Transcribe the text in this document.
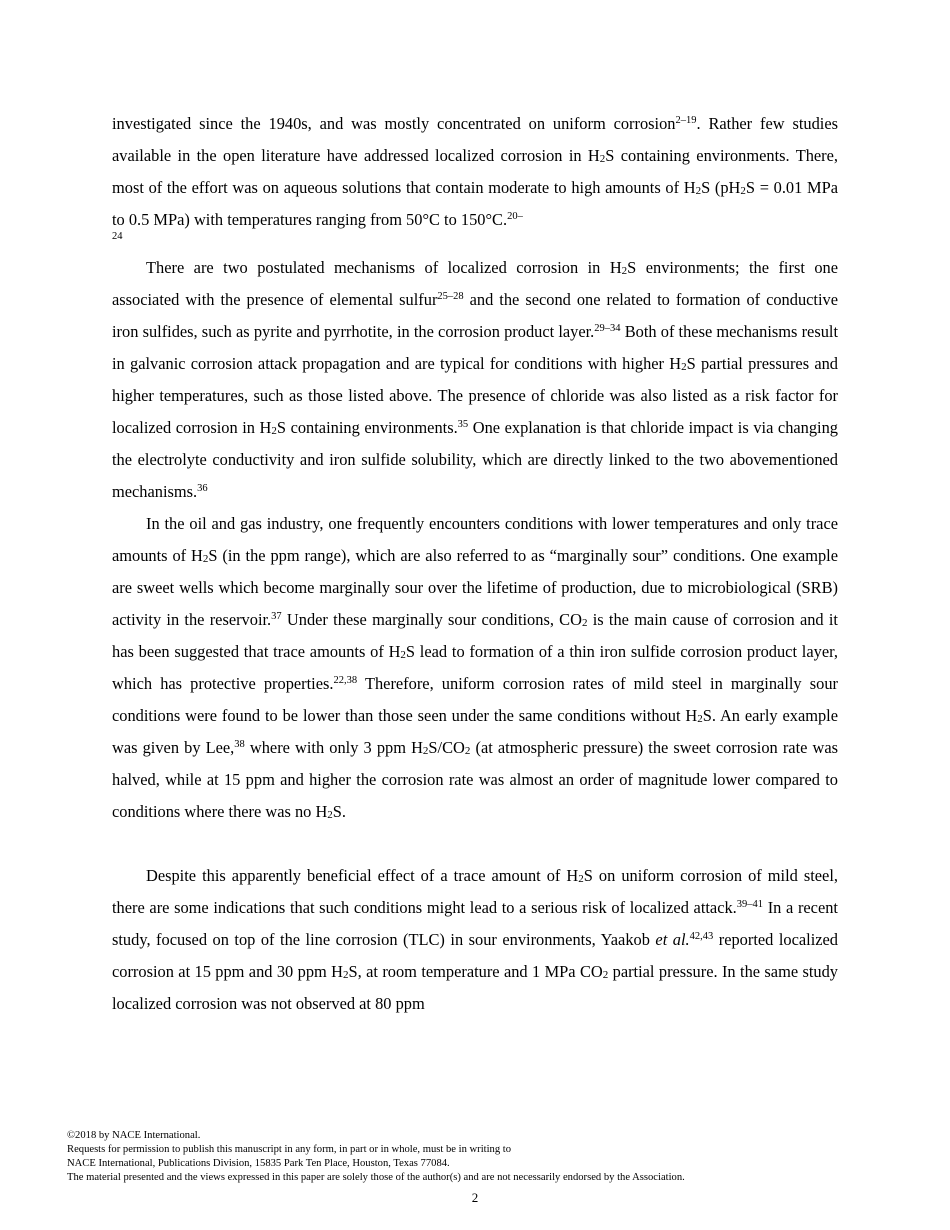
investigated since the 1940s, and was mostly concentrated on uniform corrosion$^{2-19}$. Rather few studies available in the open literature have addressed localized corrosion in $H_2S$ containing environments. There, most of the effort was on aqueous solutions that contain moderate to high amounts of $H_2S$ ($pH_2S = 0.01$ MPa to 0.5 MPa) with temperatures ranging from 50°C to 150°C.$^{20-}$
24

There are two postulated mechanisms of localized corrosion in $H_2S$ environments; the first one associated with the presence of elemental sulfur$^{25-28}$ and the second one related to formation of conductive iron sulfides, such as pyrite and pyrrhotite, in the corrosion product layer.$^{29-34}$ Both of these mechanisms result in galvanic corrosion attack propagation and are typical for conditions with higher $H_2S$ partial pressures and higher temperatures, such as those listed above. The presence of chloride was also listed as a risk factor for localized corrosion in $H_2S$ containing environments.$^{35}$ One explanation is that chloride impact is via changing the electrolyte conductivity and iron sulfide solubility, which are directly linked to the two abovementioned mechanisms.$^{36}$

In the oil and gas industry, one frequently encounters conditions with lower temperatures and only trace amounts of $H_2S$ (in the ppm range), which are also referred to as “marginally sour” conditions. One example are sweet wells which become marginally sour over the lifetime of production, due to microbiological (SRB) activity in the reservoir.$^{37}$ Under these marginally sour conditions, $CO_2$ is the main cause of corrosion and it has been suggested that trace amounts of $H_2S$ lead to formation of a thin iron sulfide corrosion product layer, which has protective properties.$^{22,38}$ Therefore, uniform corrosion rates of mild steel in marginally sour conditions were found to be lower than those seen under the same conditions without $H_2S$. An early example was given by Lee,$^{38}$ where with only 3 ppm $H_2S/CO_2$ (at atmospheric pressure) the sweet corrosion rate was halved, while at 15 ppm and higher the corrosion rate was almost an order of magnitude lower compared to conditions where there was no $H_2S$.

Despite this apparently beneficial effect of a trace amount of $H_2S$ on uniform corrosion of mild steel, there are some indications that such conditions might lead to a serious risk of localized attack.$^{39-41}$ In a recent study, focused on top of the line corrosion (TLC) in sour environments, Yaakob et al.$^{42,43}$ reported localized corrosion at 15 ppm and 30 ppm $H_2S$, at room temperature and 1 MPa $CO_2$ partial pressure. In the same study localized corrosion was not observed at 80 ppm

©2018 by NACE International.
Requests for permission to publish this manuscript in any form, in part or in whole, must be in writing to
NACE International, Publications Division, 15835 Park Ten Place, Houston, Texas 77084.
The material presented and the views expressed in this paper are solely those of the author(s) and are not necessarily endorsed by the Association.
2
